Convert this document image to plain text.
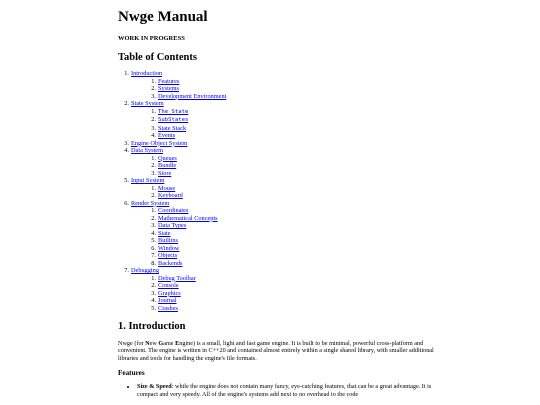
Nwge Manual
WORK IN PROGRESS
Table of Contents
1. Introduction
1. Features
2. Systems
3. Development Environment
2. State System
1. The State
2. SubStates
3. State Stack
4. Events
3. Engine Object System
4. Data System
1. Queues
2. Bundle
3. Store
5. Input System
1. Mouse
2. Keyboard
6. Render System
1. Coordinates
2. Mathematical Concepts
3. Data Types
4. State
5. Builtins
6. Window
7. Objects
8. Backends
7. Debugging
1. Debug Toolbar
2. Console
3. Graphics
4. Journal
5. Crashes
1. Introduction

Nwge (for New Game Engine) is a small, light and fast game engine. It is built to be minimal, powerful cross-platform and convenient. The engine is written in C++20 and contained almost entirely within a single shared library, with smaller additional libraries and tools for handling the engine's file formats.

Features
• Size & Speed: while the engine does not contain many fancy, eye-catching features, that can be a great advantage. It is compact and very speedy. All of the engine's systems add next to no overhead to the code
